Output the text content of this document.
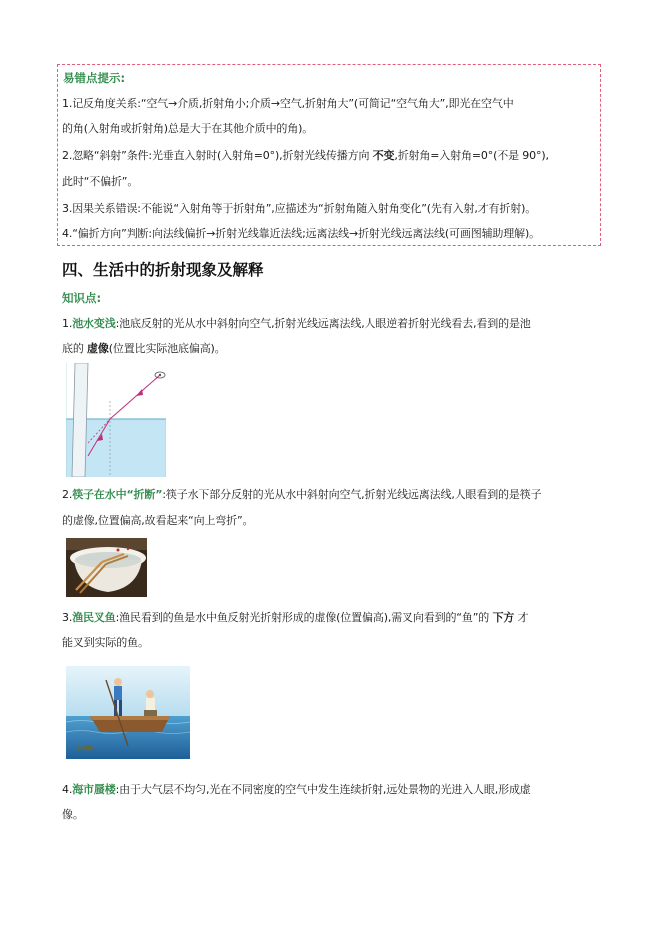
易错点提示:
1.记反角度关系:“空气→介质,折射角小;介质→空气,折射角大”(可简记“空气角大”,即光在空气中
的角(入射角或折射角)总是大于在其他介质中的角)。
2.忽略“斜射”条件:光垂直入射时(入射角=0°),折射光线传播方向 不变,折射角=入射角=0°(不是 90°),
此时“不偏折”。
3.因果关系错误:不能说“入射角等于折射角”,应描述为“折射角随入射角变化”(先有入射,才有折射)。
4.“偏折方向”判断:向法线偏折→折射光线靠近法线;远离法线→折射光线远离法线(可画图辅助理解)。
四、生活中的折射现象及解释
知识点:
1.池水变浅:池底反射的光从水中斜射向空气,折射光线远离法线,人眼逆着折射光线看去,看到的是池
底的 虚像(位置比实际池底偏高)。
2.筷子在水中“折断”:筷子水下部分反射的光从水中斜射向空气,折射光线远离法线,人眼看到的是筷子
的虚像,位置偏高,故看起来“向上弯折”。
3.渔民叉鱼:渔民看到的鱼是水中鱼反射光折射形成的虚像(位置偏高),需叉向看到的“鱼”的 下方 才
能叉到实际的鱼。
4.海市蜃楼:由于大气层不均匀,光在不同密度的空气中发生连续折射,远处景物的光进入人眼,形成虚
像。
